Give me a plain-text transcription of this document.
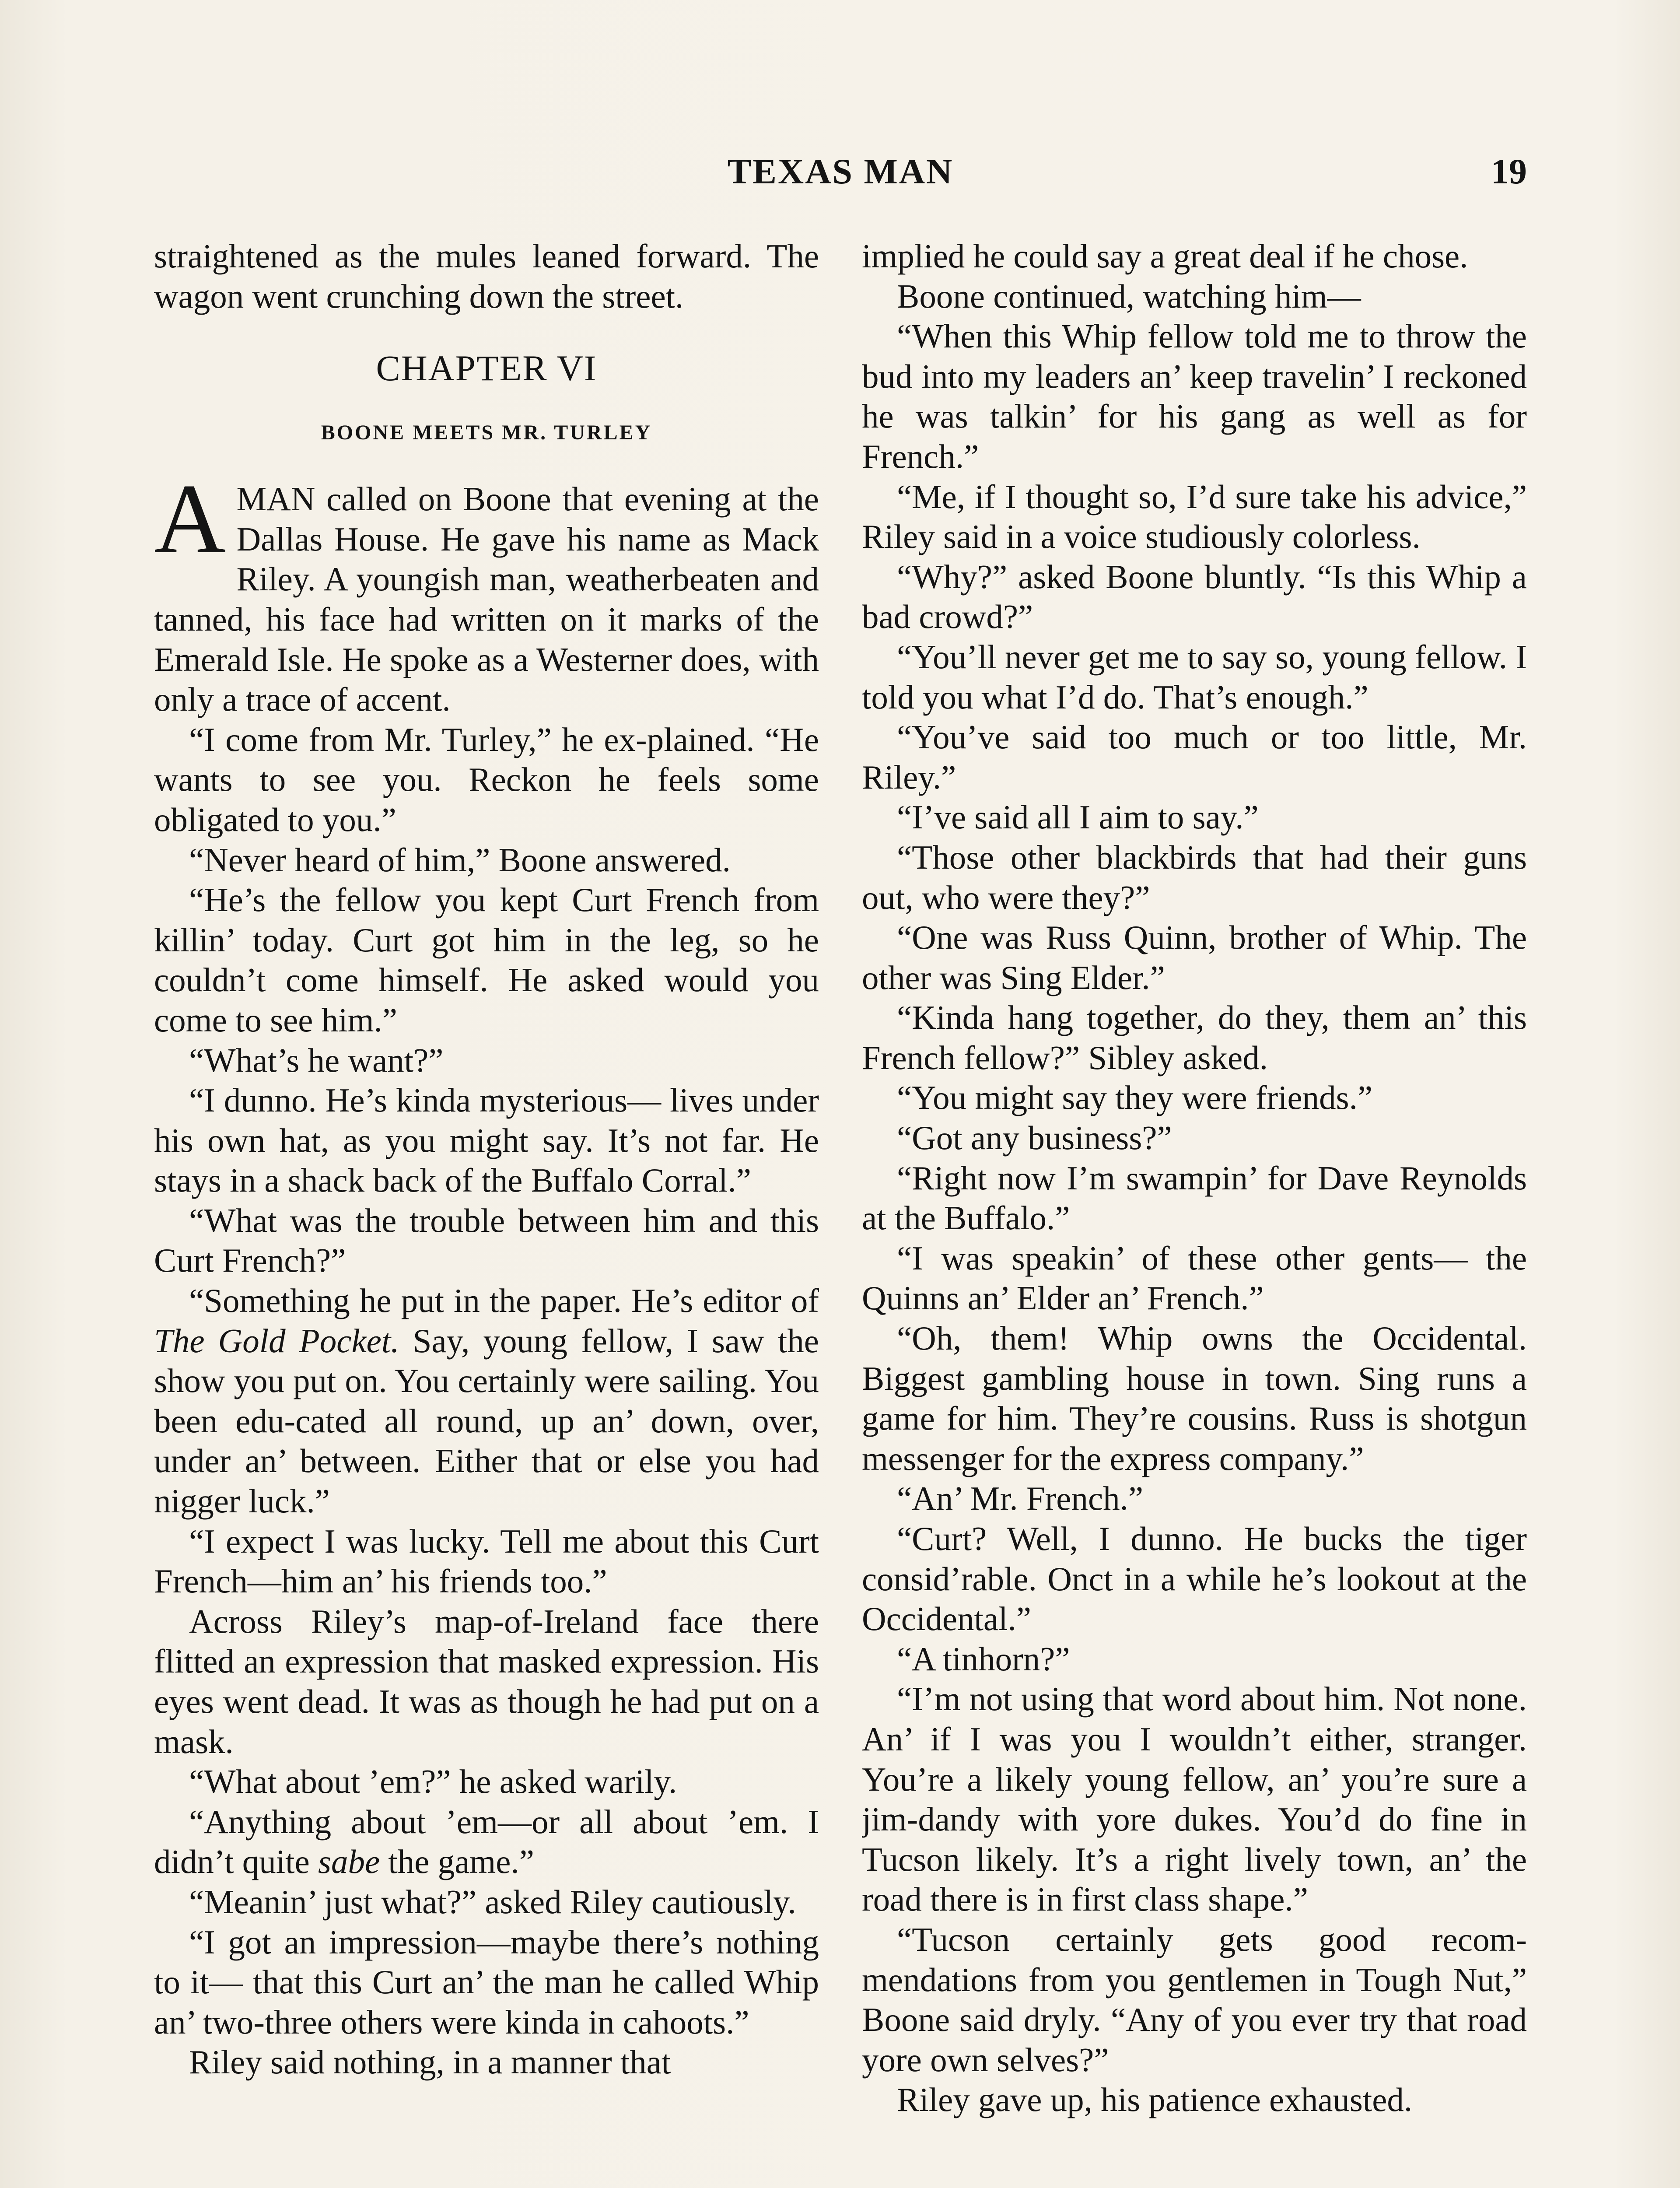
TEXAS MAN	19

straightened as the mules leaned forward. The wagon went crunching down the street.

CHAPTER VI
BOONE MEETS MR. TURLEY
A MAN called on Boone that evening at the Dallas House. He gave his name as Mack Riley. A youngish man, weatherbeaten and tanned, his face had written on it marks of the Emerald Isle. He spoke as a Westerner does, with only a trace of accent.

“I come from Mr. Turley,” he ex-plained. “He wants to see you. Reckon he feels some obligated to you.”

“Never heard of him,” Boone answered.

“He’s the fellow you kept Curt French from killin’ today. Curt got him in the leg, so he couldn’t come himself. He asked would you come to see him.”

“What’s he want?”

“I dunno. He’s kinda mysterious— lives under his own hat, as you might say. It’s not far. He stays in a shack back of the Buffalo Corral.”

“What was the trouble between him and this Curt French?”

“Something he put in the paper. He’s editor of The Gold Pocket. Say, young fellow, I saw the show you put on. You certainly were sailing. You been edu-cated all round, up an’ down, over, under an’ between. Either that or else you had nigger luck.”

“I expect I was lucky. Tell me about this Curt French—him an’ his friends too.”

Across Riley’s map-of-Ireland face there flitted an expression that masked expression. His eyes went dead. It was as though he had put on a mask.

“What about ’em?” he asked warily.

“Anything about ’em—or all about ’em. I didn’t quite sabe the game.”

“Meanin’ just what?” asked Riley cautiously.

“I got an impression—maybe there’s nothing to it— that this Curt an’ the man he called Whip an’ two-three others were kinda in cahoots.”

Riley said nothing, in a manner that

implied he could say a great deal if he chose.

Boone continued, watching him—

“When this Whip fellow told me to throw the bud into my leaders an’ keep travelin’ I reckoned he was talkin’ for his gang as well as for French.”

“Me, if I thought so, I’d sure take his advice,” Riley said in a voice studiously colorless.

“Why?” asked Boone bluntly. “Is this Whip a bad crowd?”

“You’ll never get me to say so, young fellow. I told you what I’d do. That’s enough.”

“You’ve said too much or too little, Mr. Riley.”

“I’ve said all I aim to say.”

“Those other blackbirds that had their guns out, who were they?”

“One was Russ Quinn, brother of Whip. The other was Sing Elder.”

“Kinda hang together, do they, them an’ this French fellow?” Sibley asked.

“You might say they were friends.”

“Got any business?”

“Right now I’m swampin’ for Dave Reynolds at the Buffalo.”

“I was speakin’ of these other gents— the Quinns an’ Elder an’ French.”

“Oh, them! Whip owns the Occidental. Biggest gambling house in town. Sing runs a game for him. They’re cousins. Russ is shotgun messenger for the express company.”

“An’ Mr. French.”

“Curt? Well, I dunno. He bucks the tiger consid’rable. Onct in a while he’s lookout at the Occidental.”

“A tinhorn?”

“I’m not using that word about him. Not none. An’ if I was you I wouldn’t either, stranger. You’re a likely young fellow, an’ you’re sure a jim-dandy with yore dukes. You’d do fine in Tucson likely. It’s a right lively town, an’ the road there is in first class shape.”

“Tucson certainly gets good recom-mendations from you gentlemen in Tough Nut,” Boone said dryly. “Any of you ever try that road yore own selves?”

Riley gave up, his patience exhausted.
